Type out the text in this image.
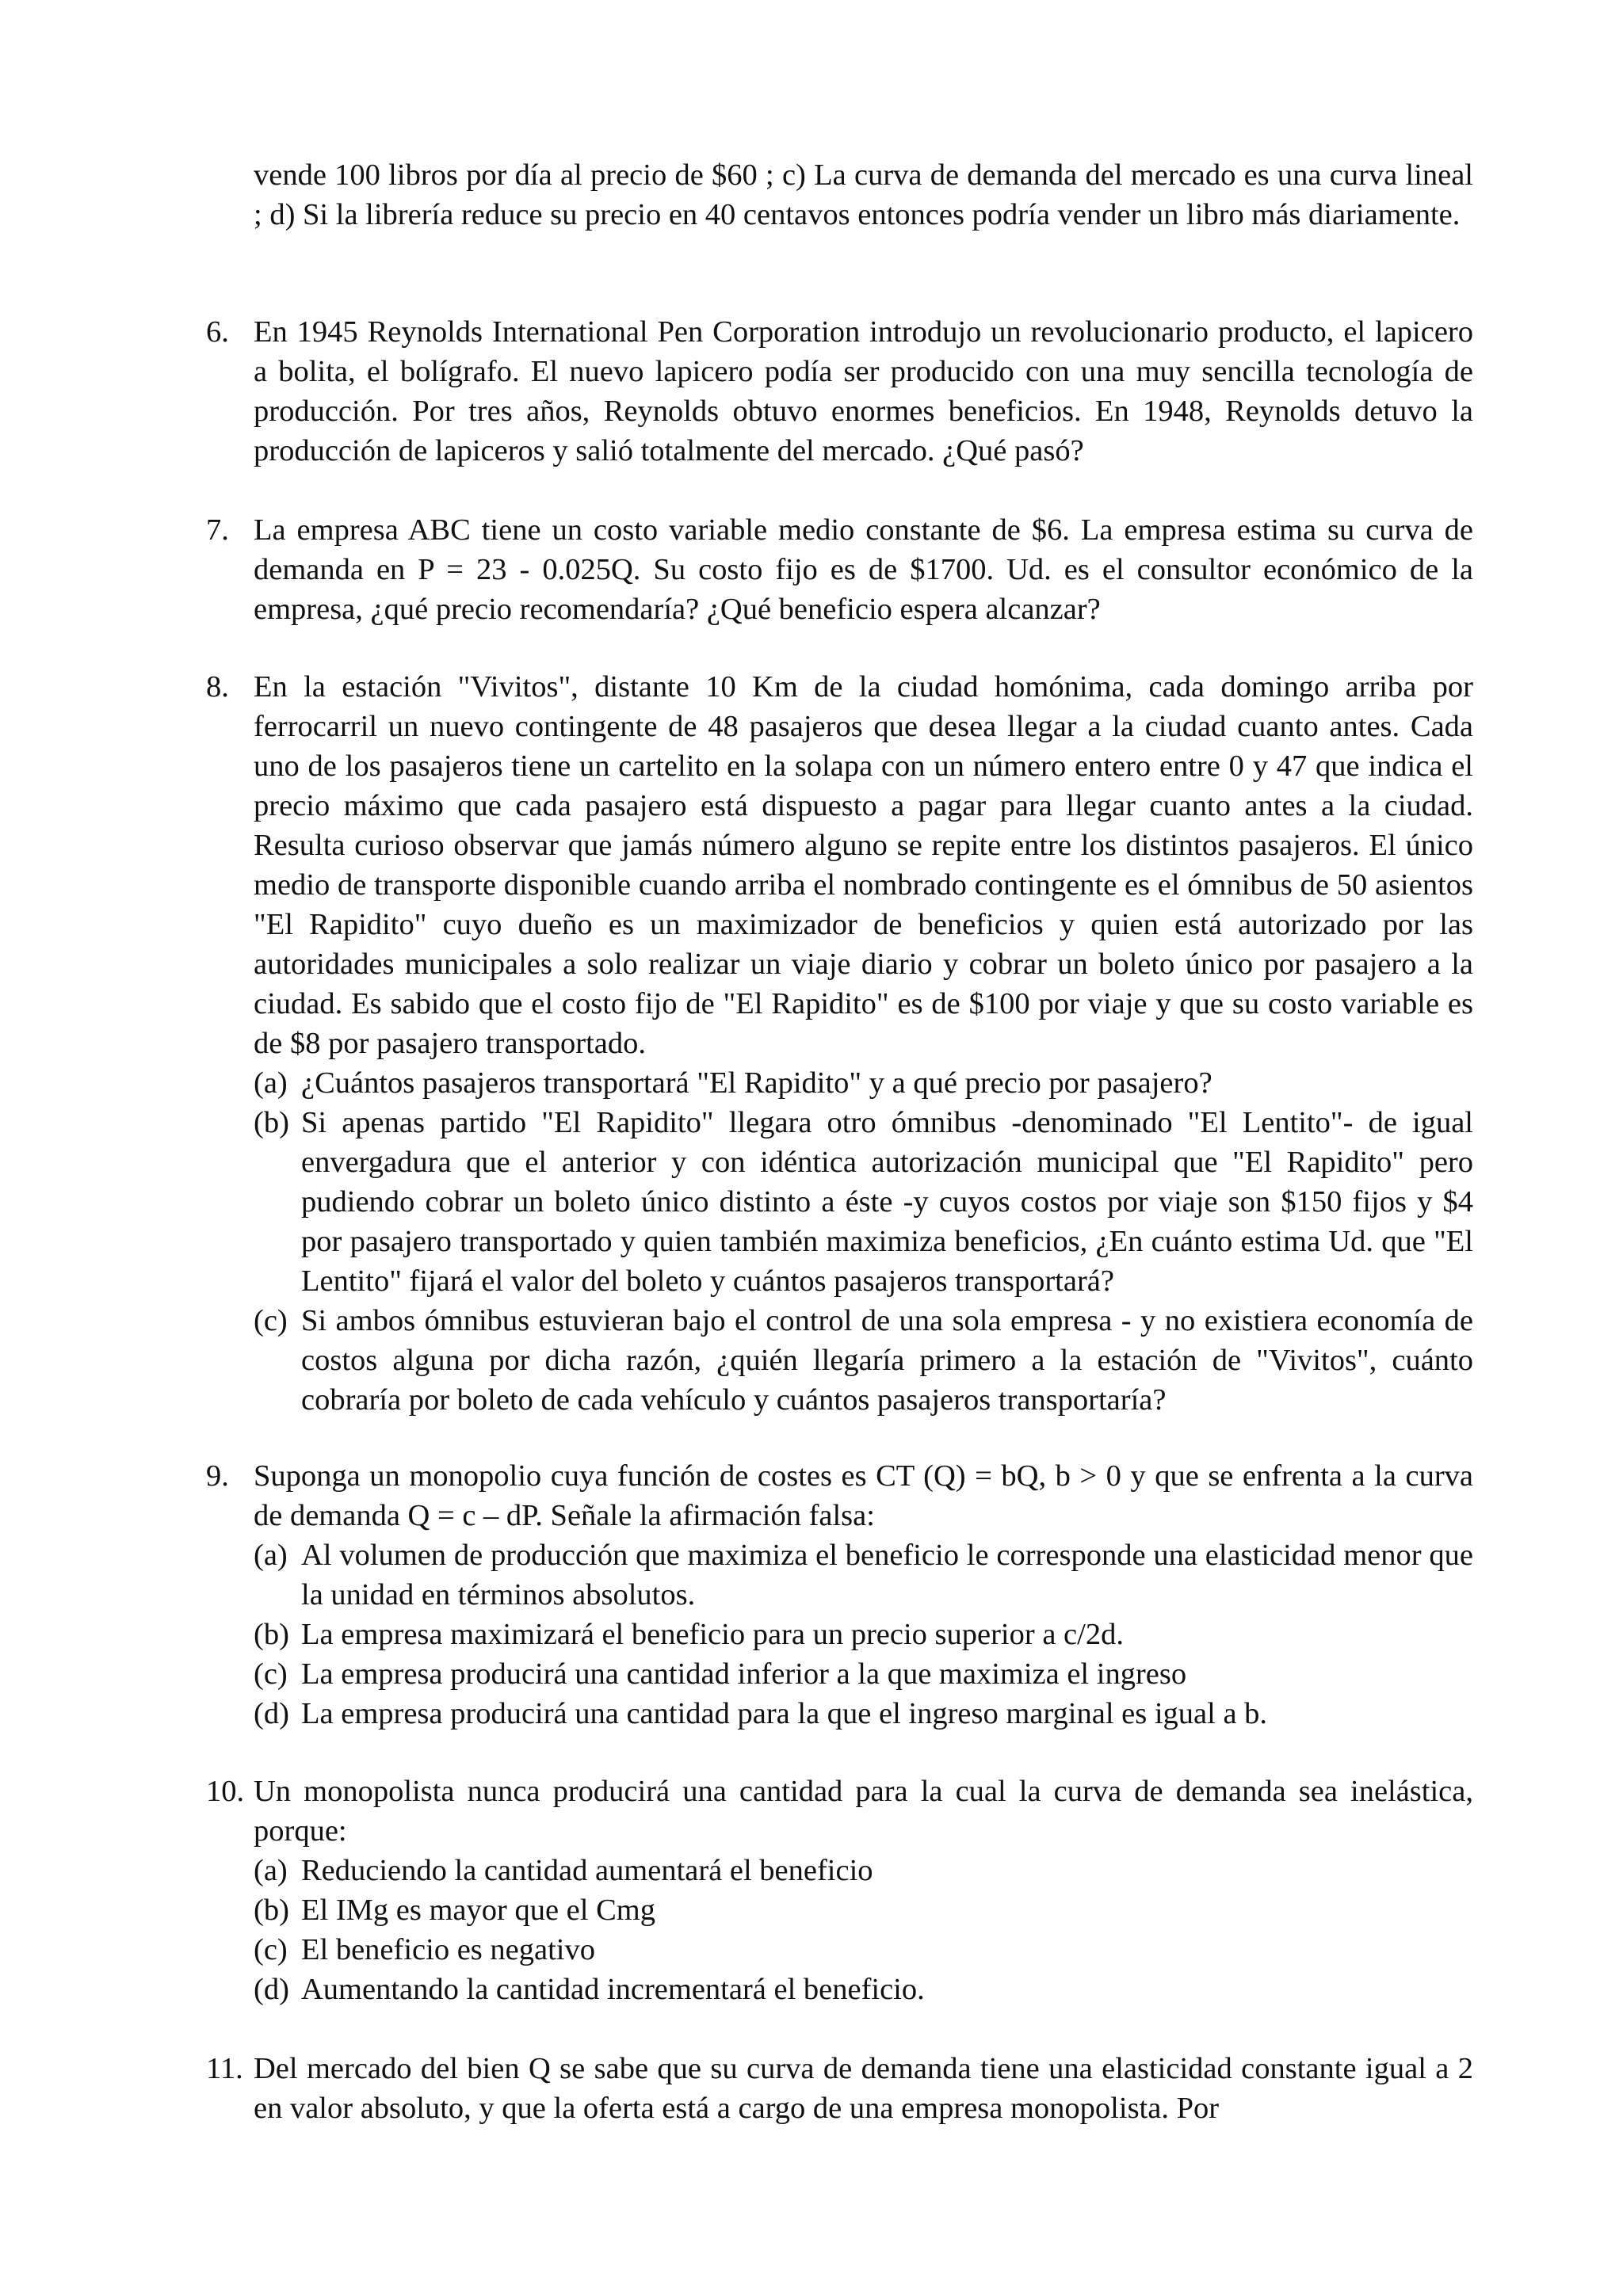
vende 100 libros por día al precio de $60 ; c) La curva de demanda del mercado es una curva lineal ; d) Si la librería reduce su precio en 40 centavos entonces podría vender un libro más diariamente.
6. En 1945 Reynolds International Pen Corporation introdujo un revolucionario producto, el lapicero a bolita, el bolígrafo. El nuevo lapicero podía ser producido con una muy sencilla tecnología de producción. Por tres años, Reynolds obtuvo enormes beneficios. En 1948, Reynolds detuvo la producción de lapiceros y salió totalmente del mercado. ¿Qué pasó?

7. La empresa ABC tiene un costo variable medio constante de $6. La empresa estima su curva de demanda en P = 23 - 0.025Q. Su costo fijo es de $1700. Ud. es el consultor económico de la empresa, ¿qué precio recomendaría? ¿Qué beneficio espera alcanzar?

8. En la estación "Vivitos", distante 10 Km de la ciudad homónima, cada domingo arriba por ferrocarril un nuevo contingente de 48 pasajeros que desea llegar a la ciudad cuanto antes. Cada uno de los pasajeros tiene un cartelito en la solapa con un número entero entre 0 y 47 que indica el precio máximo que cada pasajero está dispuesto a pagar para llegar cuanto antes a la ciudad. Resulta curioso observar que jamás número alguno se repite entre los distintos pasajeros. El único medio de transporte disponible cuando arriba el nombrado contingente es el ómnibus de 50 asientos "El Rapidito" cuyo dueño es un maximizador de beneficios y quien está autorizado por las autoridades municipales a solo realizar un viaje diario y cobrar un boleto único por pasajero a la ciudad. Es sabido que el costo fijo de "El Rapidito" es de $100 por viaje y que su costo variable es de $8 por pasajero transportado.

(a) ¿Cuántos pasajeros transportará "El Rapidito" y a qué precio por pasajero?
(b) Si apenas partido "El Rapidito" llegara otro ómnibus -denominado "El Lentito"- de igual envergadura que el anterior y con idéntica autorización municipal que "El Rapidito" pero pudiendo cobrar un boleto único distinto a éste -y cuyos costos por viaje son $150 fijos y $4 por pasajero transportado y quien también maximiza beneficios, ¿En cuánto estima Ud. que "El Lentito" fijará el valor del boleto y cuántos pasajeros transportará?
(c) Si ambos ómnibus estuvieran bajo el control de una sola empresa - y no existiera economía de costos alguna por dicha razón, ¿quién llegaría primero a la estación de "Vivitos", cuánto cobraría por boleto de cada vehículo y cuántos pasajeros transportaría?
9. Suponga un monopolio cuya función de costes es CT (Q) = bQ, b > 0 y que se enfrenta a la curva de demanda Q = c – dP. Señale la afirmación falsa:

(a) Al volumen de producción que maximiza el beneficio le corresponde una elasticidad menor que la unidad en términos absolutos.
(b) La empresa maximizará el beneficio para un precio superior a c/2d.
(c) La empresa producirá una cantidad inferior a la que maximiza el ingreso
(d) La empresa producirá una cantidad para la que el ingreso marginal es igual a b.
10. Un monopolista nunca producirá una cantidad para la cual la curva de demanda sea inelástica, porque:

(a) Reduciendo la cantidad aumentará el beneficio
(b) El IMg es mayor que el Cmg
(c) El beneficio es negativo
(d) Aumentando la cantidad incrementará el beneficio.
11. Del mercado del bien Q se sabe que su curva de demanda tiene una elasticidad constante igual a 2 en valor absoluto, y que la oferta está a cargo de una empresa monopolista. Por
